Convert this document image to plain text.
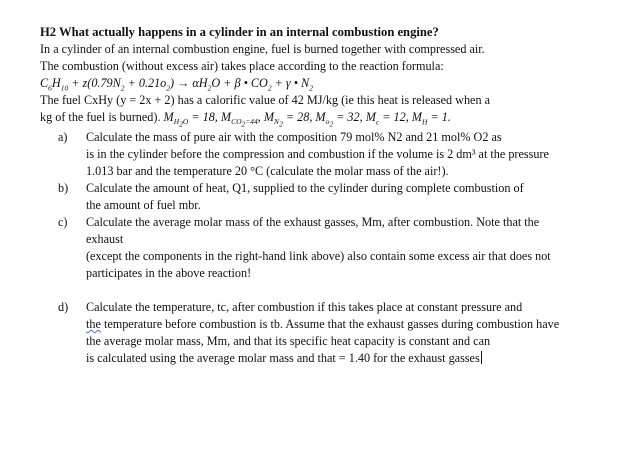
H2 What actually happens in a cylinder in an internal combustion engine?
In a cylinder of an internal combustion engine, fuel is burned together with compressed air.
The combustion (without excess air) takes place according to the reaction formula:
$C_6H_{10} + z(0.79N_2 + 0.21o_2) \to \alpha H_2O + \beta$ • $CO_2 + \gamma$ • $N_2$
The fuel CxHy (y = 2x + 2) has a calorific value of 42 MJ/kg (ie this heat is released when a
kg of the fuel is burned). $M_{H_2O} = 18$, $M_{CO_2=44}$, $M_{N_2} = 28$, $M_{o_2} = 32$, $M_c = 12$, $M_H = 1$.
a) Calculate the mass of pure air with the composition 79 mol% N2 and 21 mol% O2 as
is in the cylinder before the compression and combustion if the volume is 2 dm³ at the pressure
1.013 bar and the temperature 20 °C (calculate the molar mass of the air!).
b) Calculate the amount of heat, Q1, supplied to the cylinder during complete combustion of
the amount of fuel mbr.
c) Calculate the average molar mass of the exhaust gasses, Mm, after combustion. Note that the
exhaust
(except the components in the right-hand link above) also contain some excess air that does not
participates in the above reaction!
d) Calculate the temperature, tc, after combustion if this takes place at constant pressure and
the temperature before combustion is tb. Assume that the exhaust gasses during combustion have
the average molar mass, Mm, and that its specific heat capacity is constant and can
is calculated using the average molar mass and that = 1.40 for the exhaust gasses
